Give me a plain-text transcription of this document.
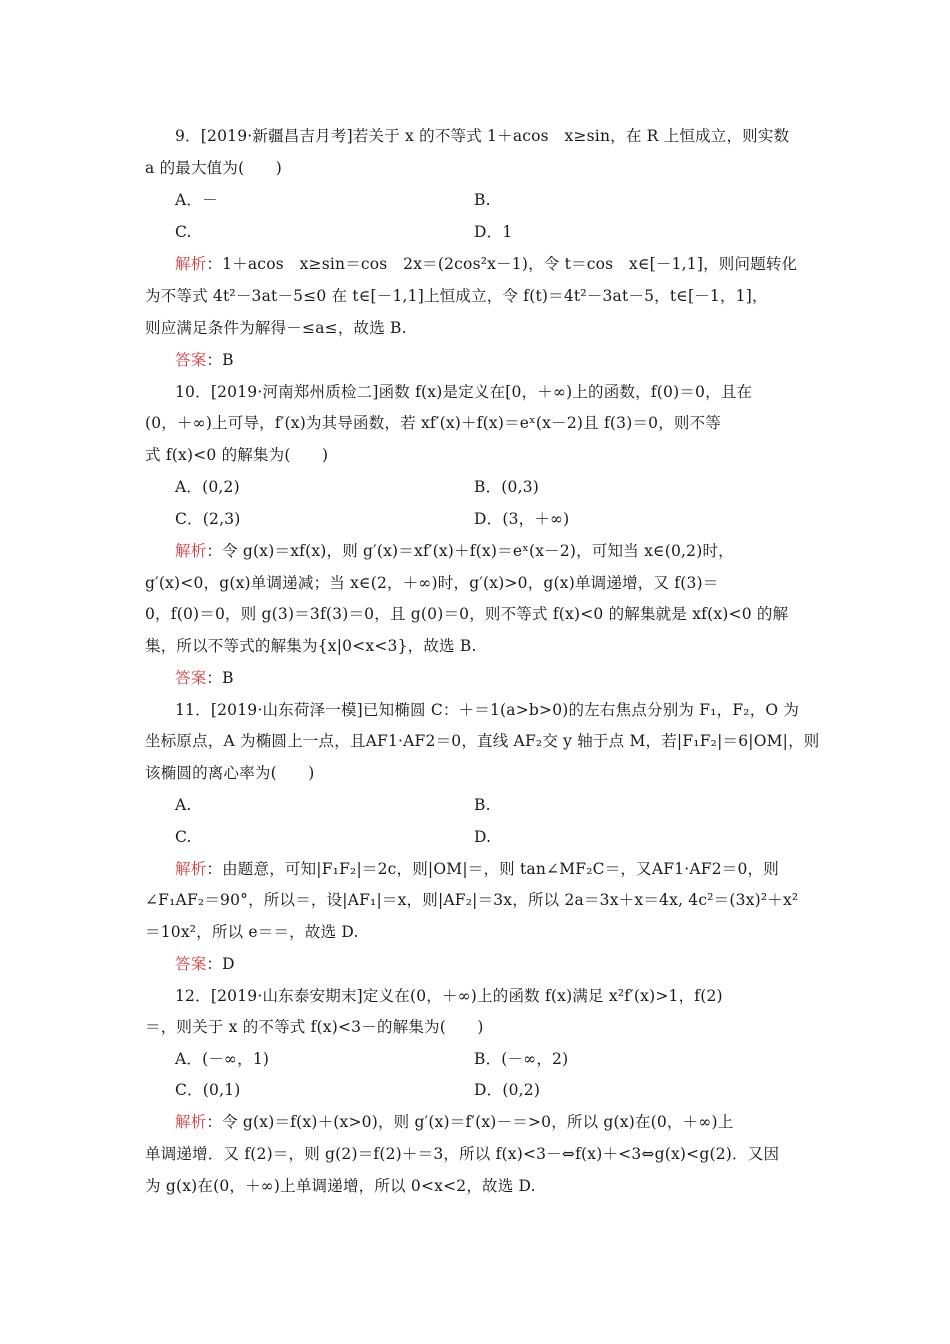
9．[2019·新疆昌吉月考]若关于 x 的不等式 1＋acos　x≥sin，在 R 上恒成立，则实数
a 的最大值为(　　)
A．－	B.
C.	D．1
解析：1＋acos　x≥sin＝cos　2x＝(2cos²x－1)，令 t＝cos　x∈[－1,1]，则问题转化
为不等式 4t²－3at－5≤0 在 t∈[－1,1]上恒成立，令 f(t)＝4t²－3at－5，t∈[－1，1]，
则应满足条件为解得－≤a≤，故选 B.
答案：B
10．[2019·河南郑州质检二]函数 f(x)是定义在[0，＋∞)上的函数，f(0)＝0，且在
(0，＋∞)上可导，f′(x)为其导函数，若 xf′(x)＋f(x)＝eˣ(x－2)且 f(3)＝0，则不等
式 f(x)<0 的解集为(　　)
A．(0,2)	B．(0,3)
C．(2,3)	D．(3，＋∞)
解析：令 g(x)＝xf(x)，则 g′(x)＝xf′(x)＋f(x)＝eˣ(x－2)，可知当 x∈(0,2)时，
g′(x)<0，g(x)单调递减；当 x∈(2，＋∞)时，g′(x)>0，g(x)单调递增，又 f(3)＝
0，f(0)＝0，则 g(3)＝3f(3)＝0，且 g(0)＝0，则不等式 f(x)<0 的解集就是 xf(x)<0 的解
集，所以不等式的解集为{x|0<x<3}，故选 B.
答案：B
11．[2019·山东荷泽一模]已知椭圆 C：＋＝1(a>b>0)的左右焦点分别为 F₁，F₂，O 为
坐标原点，A 为椭圆上一点，且AF1·AF2＝0，直线 AF₂交 y 轴于点 M，若|F₁F₂|＝6|OM|，则
该椭圆的离心率为(　　)
A.	B.
C.	D.
解析：由题意，可知|F₁F₂|＝2c，则|OM|＝，则 tan∠MF₂C＝，又AF1·AF2＝0，则
∠F₁AF₂＝90°，所以＝，设|AF₁|＝x，则|AF₂|＝3x，所以 2a＝3x＋x＝4x, 4c²＝(3x)²＋x²
＝10x²，所以 e＝＝，故选 D.
答案：D
12．[2019·山东泰安期末]定义在(0，＋∞)上的函数 f(x)满足 x²f′(x)>1，f(2)
＝，则关于 x 的不等式 f(x)<3－的解集为(　　)
A．(－∞，1)	B．(－∞，2)
C．(0,1)	D．(0,2)
解析：令 g(x)＝f(x)＋(x>0)，则 g′(x)＝f′(x)－＝>0，所以 g(x)在(0，＋∞)上
单调递增．又 f(2)＝，则 g(2)＝f(2)＋＝3，所以 f(x)<3－⇔f(x)＋<3⇔g(x)<g(2)．又因
为 g(x)在(0，＋∞)上单调递增，所以 0<x<2，故选 D.
